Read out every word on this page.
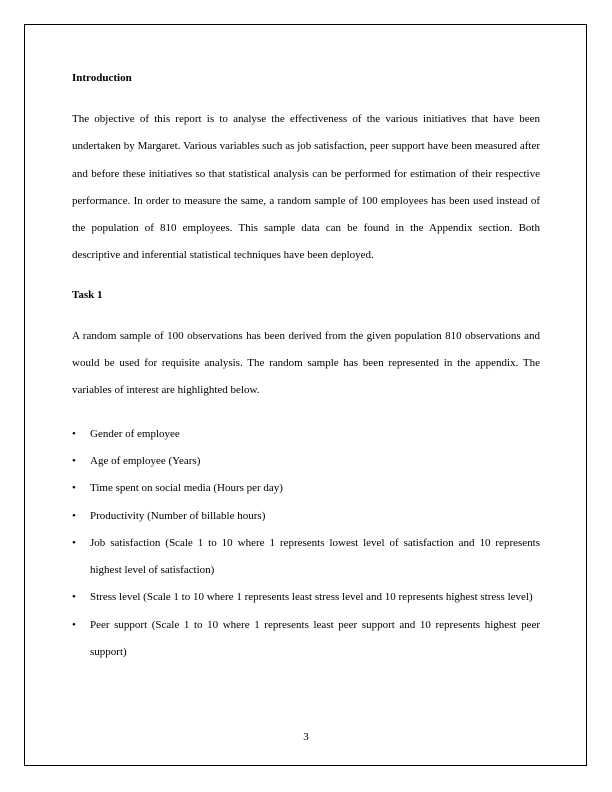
Introduction

The objective of this report is to analyse the effectiveness of the various initiatives that have been undertaken by Margaret. Various variables such as job satisfaction, peer support have been measured after and before these initiatives so that statistical analysis can be performed for estimation of their respective performance. In order to measure the same, a random sample of 100 employees has been used instead of the population of 810 employees. This sample data can be found in the Appendix section. Both descriptive and inferential statistical techniques have been deployed.

Task 1

A random sample of 100 observations has been derived from the given population 810 observations and would be used for requisite analysis. The random sample has been represented in the appendix. The variables of interest are highlighted below.

• Gender of employee
• Age of employee (Years)
• Time spent on social media (Hours per day)
• Productivity (Number of billable hours)
• Job satisfaction (Scale 1 to 10 where 1 represents lowest level of satisfaction and 10 represents highest level of satisfaction)
• Stress level (Scale 1 to 10 where 1 represents least stress level and 10 represents highest stress level)
• Peer support (Scale 1 to 10 where 1 represents least peer support and 10 represents highest peer support)
3
